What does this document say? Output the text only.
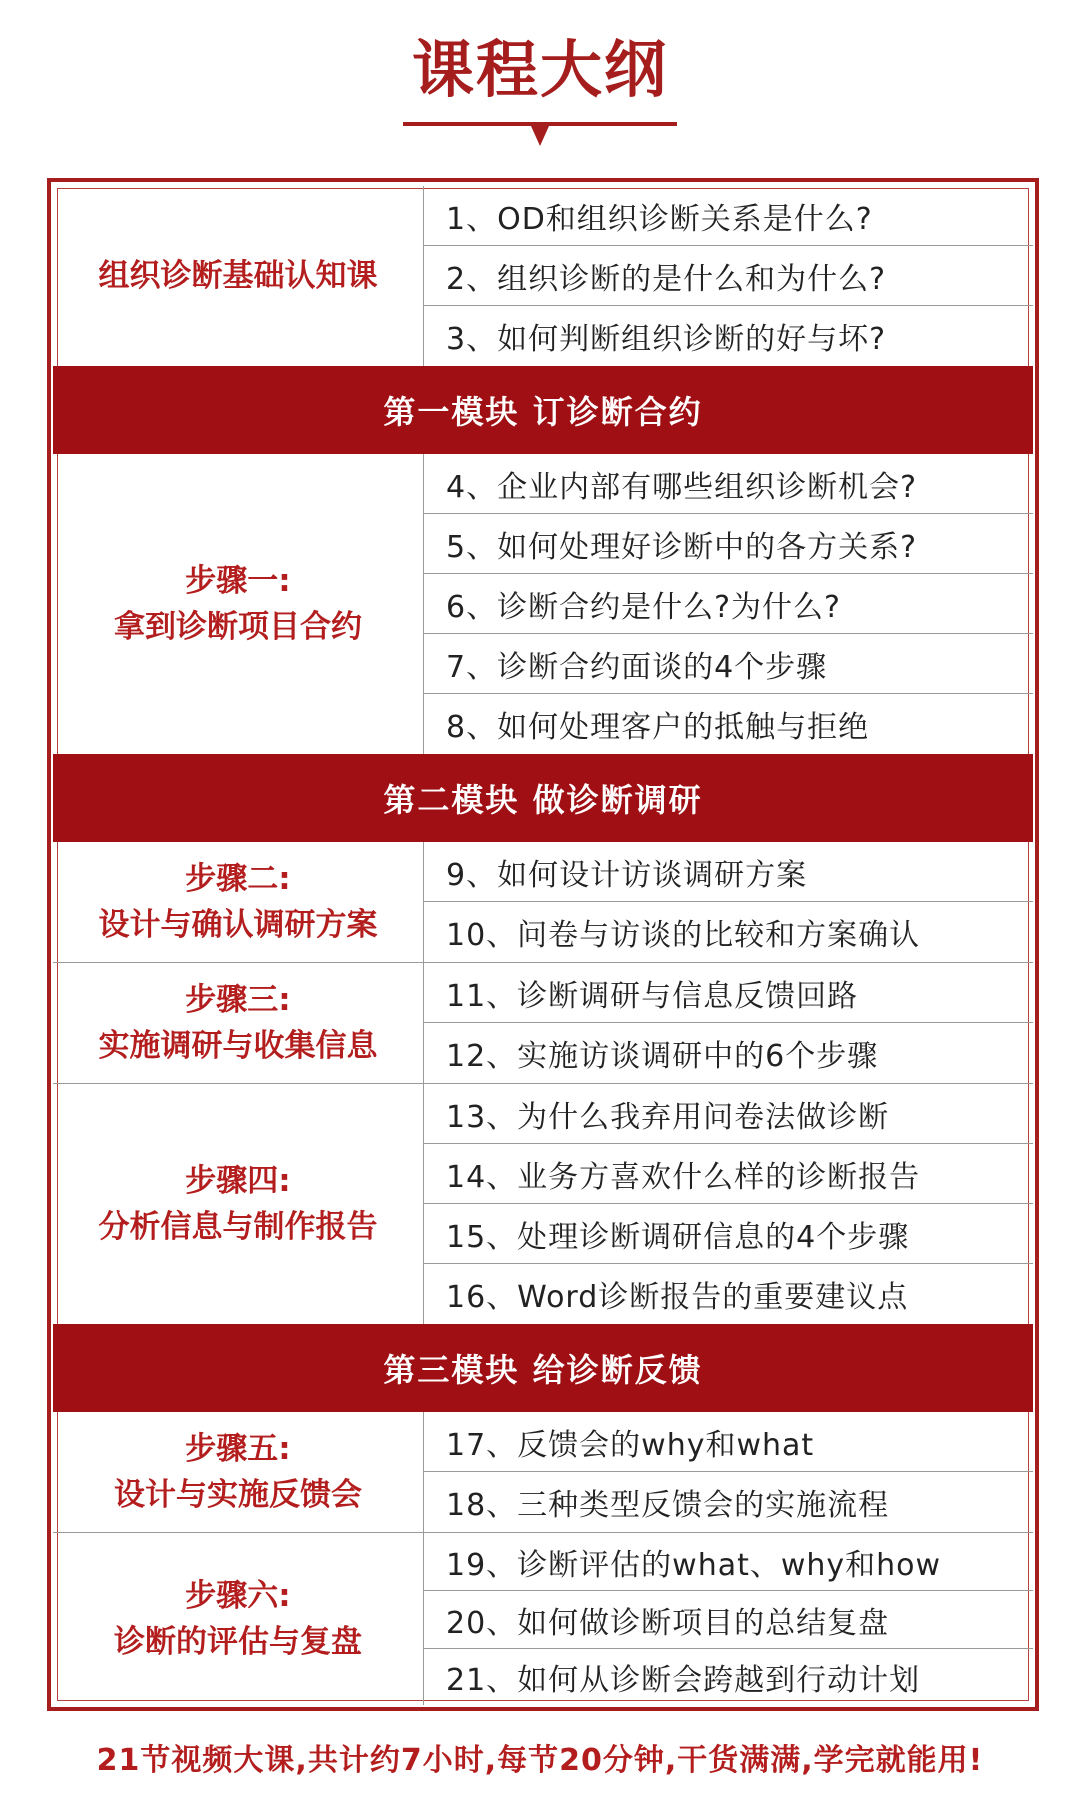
课程大纲
组织诊断基础认知课
1、OD和组织诊断关系是什么?
2、组织诊断的是什么和为什么?
3、如何判断组织诊断的好与坏?
第一模块 订诊断合约
步骤一:
拿到诊断项目合约
4、企业内部有哪些组织诊断机会?
5、如何处理好诊断中的各方关系?
6、诊断合约是什么?为什么?
7、诊断合约面谈的4个步骤
8、如何处理客户的抵触与拒绝
第二模块 做诊断调研
步骤二:
设计与确认调研方案
9、如何设计访谈调研方案
10、问卷与访谈的比较和方案确认
步骤三:
实施调研与收集信息
11、诊断调研与信息反馈回路
12、实施访谈调研中的6个步骤
步骤四:
分析信息与制作报告
13、为什么我弃用问卷法做诊断
14、业务方喜欢什么样的诊断报告
15、处理诊断调研信息的4个步骤
16、Word诊断报告的重要建议点
第三模块 给诊断反馈
步骤五:
设计与实施反馈会
17、反馈会的why和what
18、三种类型反馈会的实施流程
步骤六:
诊断的评估与复盘
19、诊断评估的what、why和how
20、如何做诊断项目的总结复盘
21、如何从诊断会跨越到行动计划
21节视频大课,共计约7小时,每节20分钟,干货满满,学完就能用!
